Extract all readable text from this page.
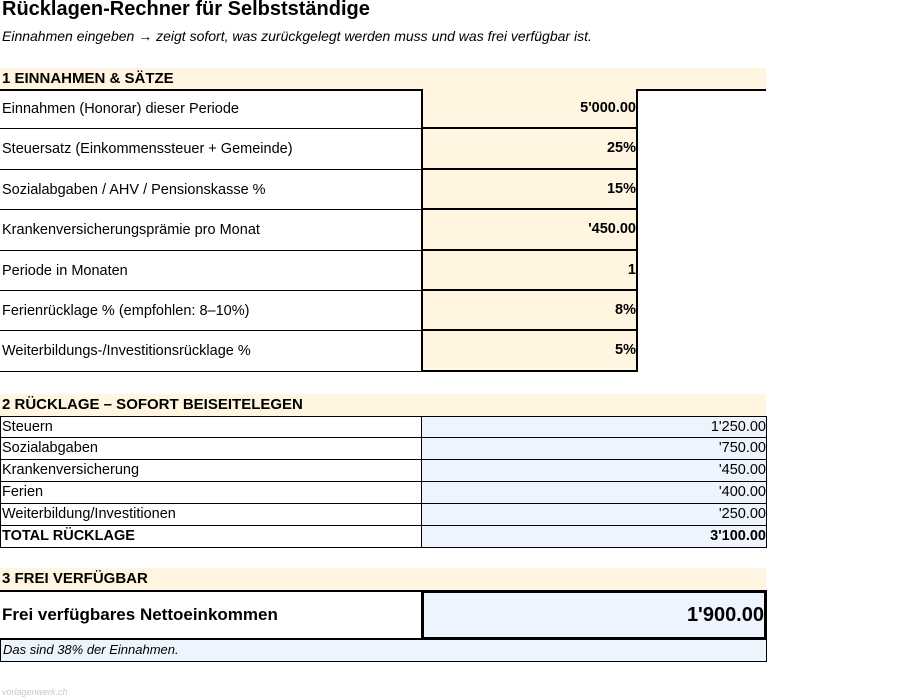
Rücklagen-Rechner für Selbstständige
Einnahmen eingeben → zeigt sofort, was zurückgelegt werden muss und was frei verfügbar ist.
1 EINNAHMEN & SÄTZE
Einnahmen (Honorar) dieser Periode	5'000.00
Steuersatz (Einkommenssteuer + Gemeinde)	25%
Sozialabgaben / AHV / Pensionskasse %	15%
Krankenversicherungsprämie pro Monat	'450.00
Periode in Monaten	1
Ferienrücklage % (empfohlen: 8–10%)	8%
Weiterbildungs-/Investitionsrücklage %	5%
2 RÜCKLAGE – SOFORT BEISEITELEGEN
Steuern	1'250.00
Sozialabgaben	'750.00
Krankenversicherung	'450.00
Ferien	'400.00
Weiterbildung/Investitionen	'250.00
TOTAL RÜCKLAGE	3'100.00
3 FREI VERFÜGBAR
Frei verfügbares Nettoeinkommen	1'900.00
Das sind 38% der Einnahmen.
vorlagenwerk.ch
